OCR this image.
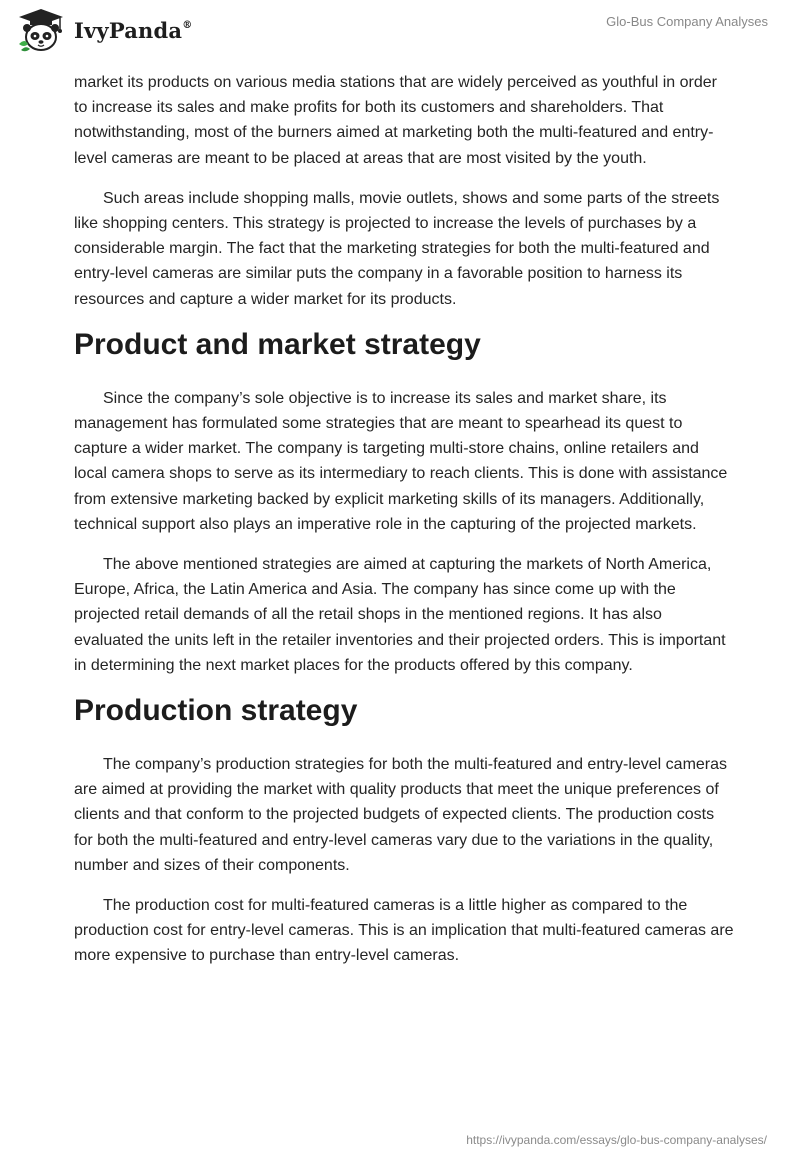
IvyPanda®	Glo-Bus Company Analyses

market its products on various media stations that are widely perceived as youthful in order to increase its sales and make profits for both its customers and shareholders. That notwithstanding, most of the burners aimed at marketing both the multi-featured and entry-level cameras are meant to be placed at areas that are most visited by the youth.

Such areas include shopping malls, movie outlets, shows and some parts of the streets like shopping centers. This strategy is projected to increase the levels of purchases by a considerable margin. The fact that the marketing strategies for both the multi-featured and entry-level cameras are similar puts the company in a favorable position to harness its resources and capture a wider market for its products.

Product and market strategy

Since the company’s sole objective is to increase its sales and market share, its management has formulated some strategies that are meant to spearhead its quest to capture a wider market. The company is targeting multi-store chains, online retailers and local camera shops to serve as its intermediary to reach clients. This is done with assistance from extensive marketing backed by explicit marketing skills of its managers. Additionally, technical support also plays an imperative role in the capturing of the projected markets.

The above mentioned strategies are aimed at capturing the markets of North America, Europe, Africa, the Latin America and Asia. The company has since come up with the projected retail demands of all the retail shops in the mentioned regions. It has also evaluated the units left in the retailer inventories and their projected orders. This is important in determining the next market places for the products offered by this company.

Production strategy

The company’s production strategies for both the multi-featured and entry-level cameras are aimed at providing the market with quality products that meet the unique preferences of clients and that conform to the projected budgets of expected clients. The production costs for both the multi-featured and entry-level cameras vary due to the variations in the quality, number and sizes of their components.

The production cost for multi-featured cameras is a little higher as compared to the production cost for entry-level cameras. This is an implication that multi-featured cameras are more expensive to purchase than entry-level cameras.

https://ivypanda.com/essays/glo-bus-company-analyses/
